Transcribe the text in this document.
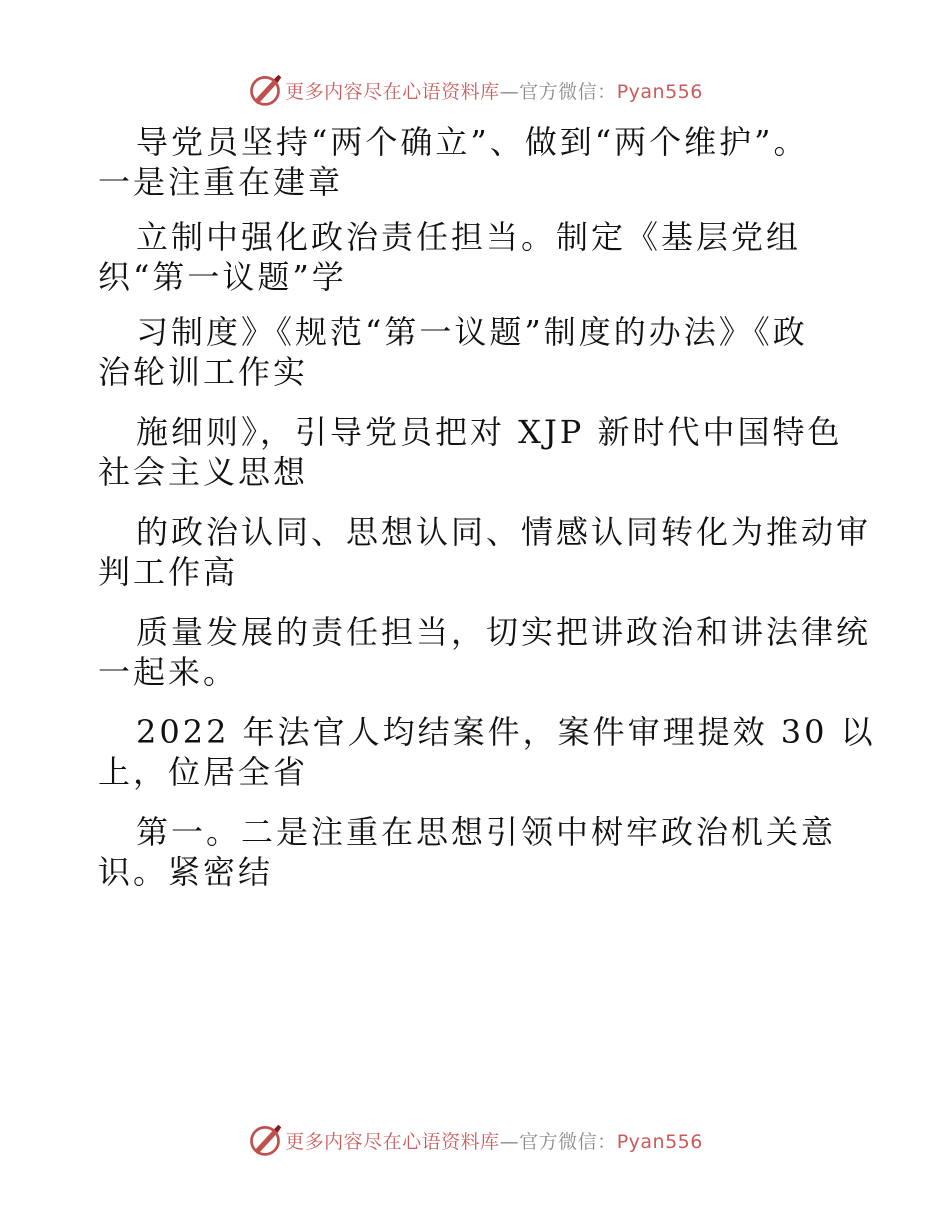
更多内容尽在心语资料库—官方微信：Pyan556
导党员坚持“两个确立”、做到“两个维护”。
一是注重在建章
立制中强化政治责任担当。制定《基层党组
织“第一议题”学
习制度》《规范“第一议题”制度的办法》《政
治轮训工作实
施细则》，引导党员把对 XJP 新时代中国特色
社会主义思想
的政治认同、思想认同、情感认同转化为推动审
判工作高
质量发展的责任担当，切实把讲政治和讲法律统
一起来。
2022 年法官人均结案件，案件审理提效 30 以
上，位居全省
第一。二是注重在思想引领中树牢政治机关意
识。紧密结
更多内容尽在心语资料库—官方微信：Pyan556
